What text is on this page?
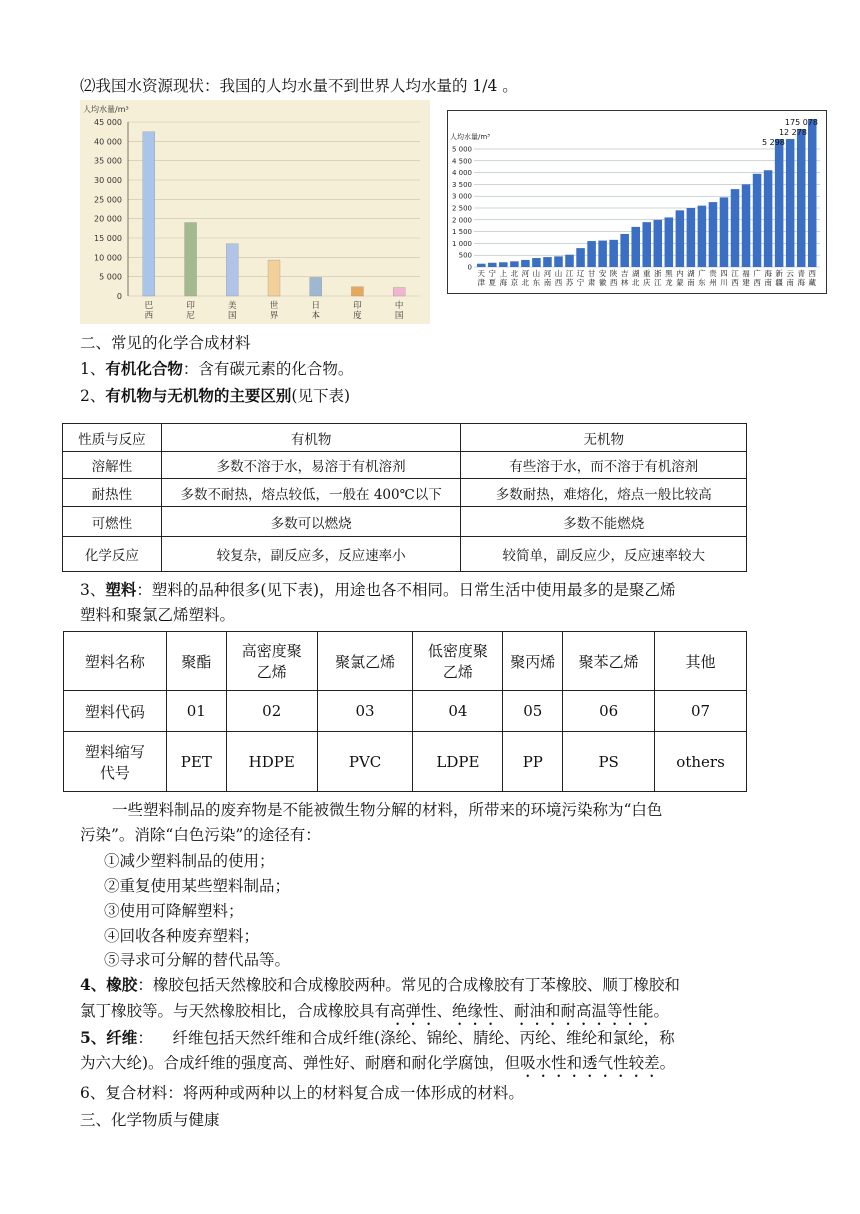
⑵我国水资源现状：我国的人均水量不到世界人均水量的 1/4 。
人均水量/m³
45 000
40 000
35 000
30 000
25 000
20 000
15 000
10 000
5 000
0
巴
西
印
尼
美
国
世
界
日
本
印
度
中
国
人均水量/m³
5 000
4 500
4 000
3 500
3 000
2 500
2 000
1 500
1 000
500
0
天
津
宁
夏
上
海
北
京
河
北
山
东
河
南
山
西
江
苏
辽
宁
甘
肃
安
徽
陕
西
吉
林
湖
北
重
庆
浙
江
黑
龙
内
蒙
湖
南
广
东
贵
州
四
川
江
西
福
建
广
西
海
南
新
疆
云
南
青
海
西
藏
5 298
12 278
175 078
二、常见的化学合成材料
1、有机化合物：含有碳元素的化合物。
2、有机物与无机物的主要区别(见下表)
性质与反应	有机物	无机物
溶解性	多数不溶于水，易溶于有机溶剂	有些溶于水，而不溶于有机溶剂
耐热性	多数不耐热，熔点较低，一般在 400℃以下	多数耐热，难熔化，熔点一般比较高
可燃性	多数可以燃烧	多数不能燃烧
化学反应	较复杂，副反应多，反应速率小	较简单，副反应少，反应速率较大
3、塑料：塑料的品种很多(见下表)，用途也各不相同。日常生活中使用最多的是聚乙烯
塑料和聚氯乙烯塑料。
塑料名称	聚酯	高密度聚乙烯	聚氯乙烯	低密度聚乙烯	聚丙烯	聚苯乙烯	其他
塑料代码	01	02	03	04	05	06	07
塑料缩写代号	PET	HDPE	PVC	LDPE	PP	PS	others
一些塑料制品的废弃物是不能被微生物分解的材料，所带来的环境污染称为“白色
污染”。消除“白色污染”的途径有：
①减少塑料制品的使用；
②重复使用某些塑料制品；
③使用可降解塑料；
④回收各种废弃塑料；
⑤寻求可分解的替代品等。
4、橡胶：橡胶包括天然橡胶和合成橡胶两种。常见的合成橡胶有丁苯橡胶、顺丁橡胶和
氯丁橡胶等。与天然橡胶相比，合成橡胶具有高弹性、绝缘性、耐油和耐高温等性能。
5、纤维：    纤维包括天然纤维和合成纤维(涤纶、锦纶、腈纶、丙纶、维纶和氯纶，称
为六大纶)。合成纤维的强度高、弹性好、耐磨和耐化学腐蚀，但吸水性和透气性较差。
6、复合材料：将两种或两种以上的材料复合成一体形成的材料。
三、化学物质与健康
